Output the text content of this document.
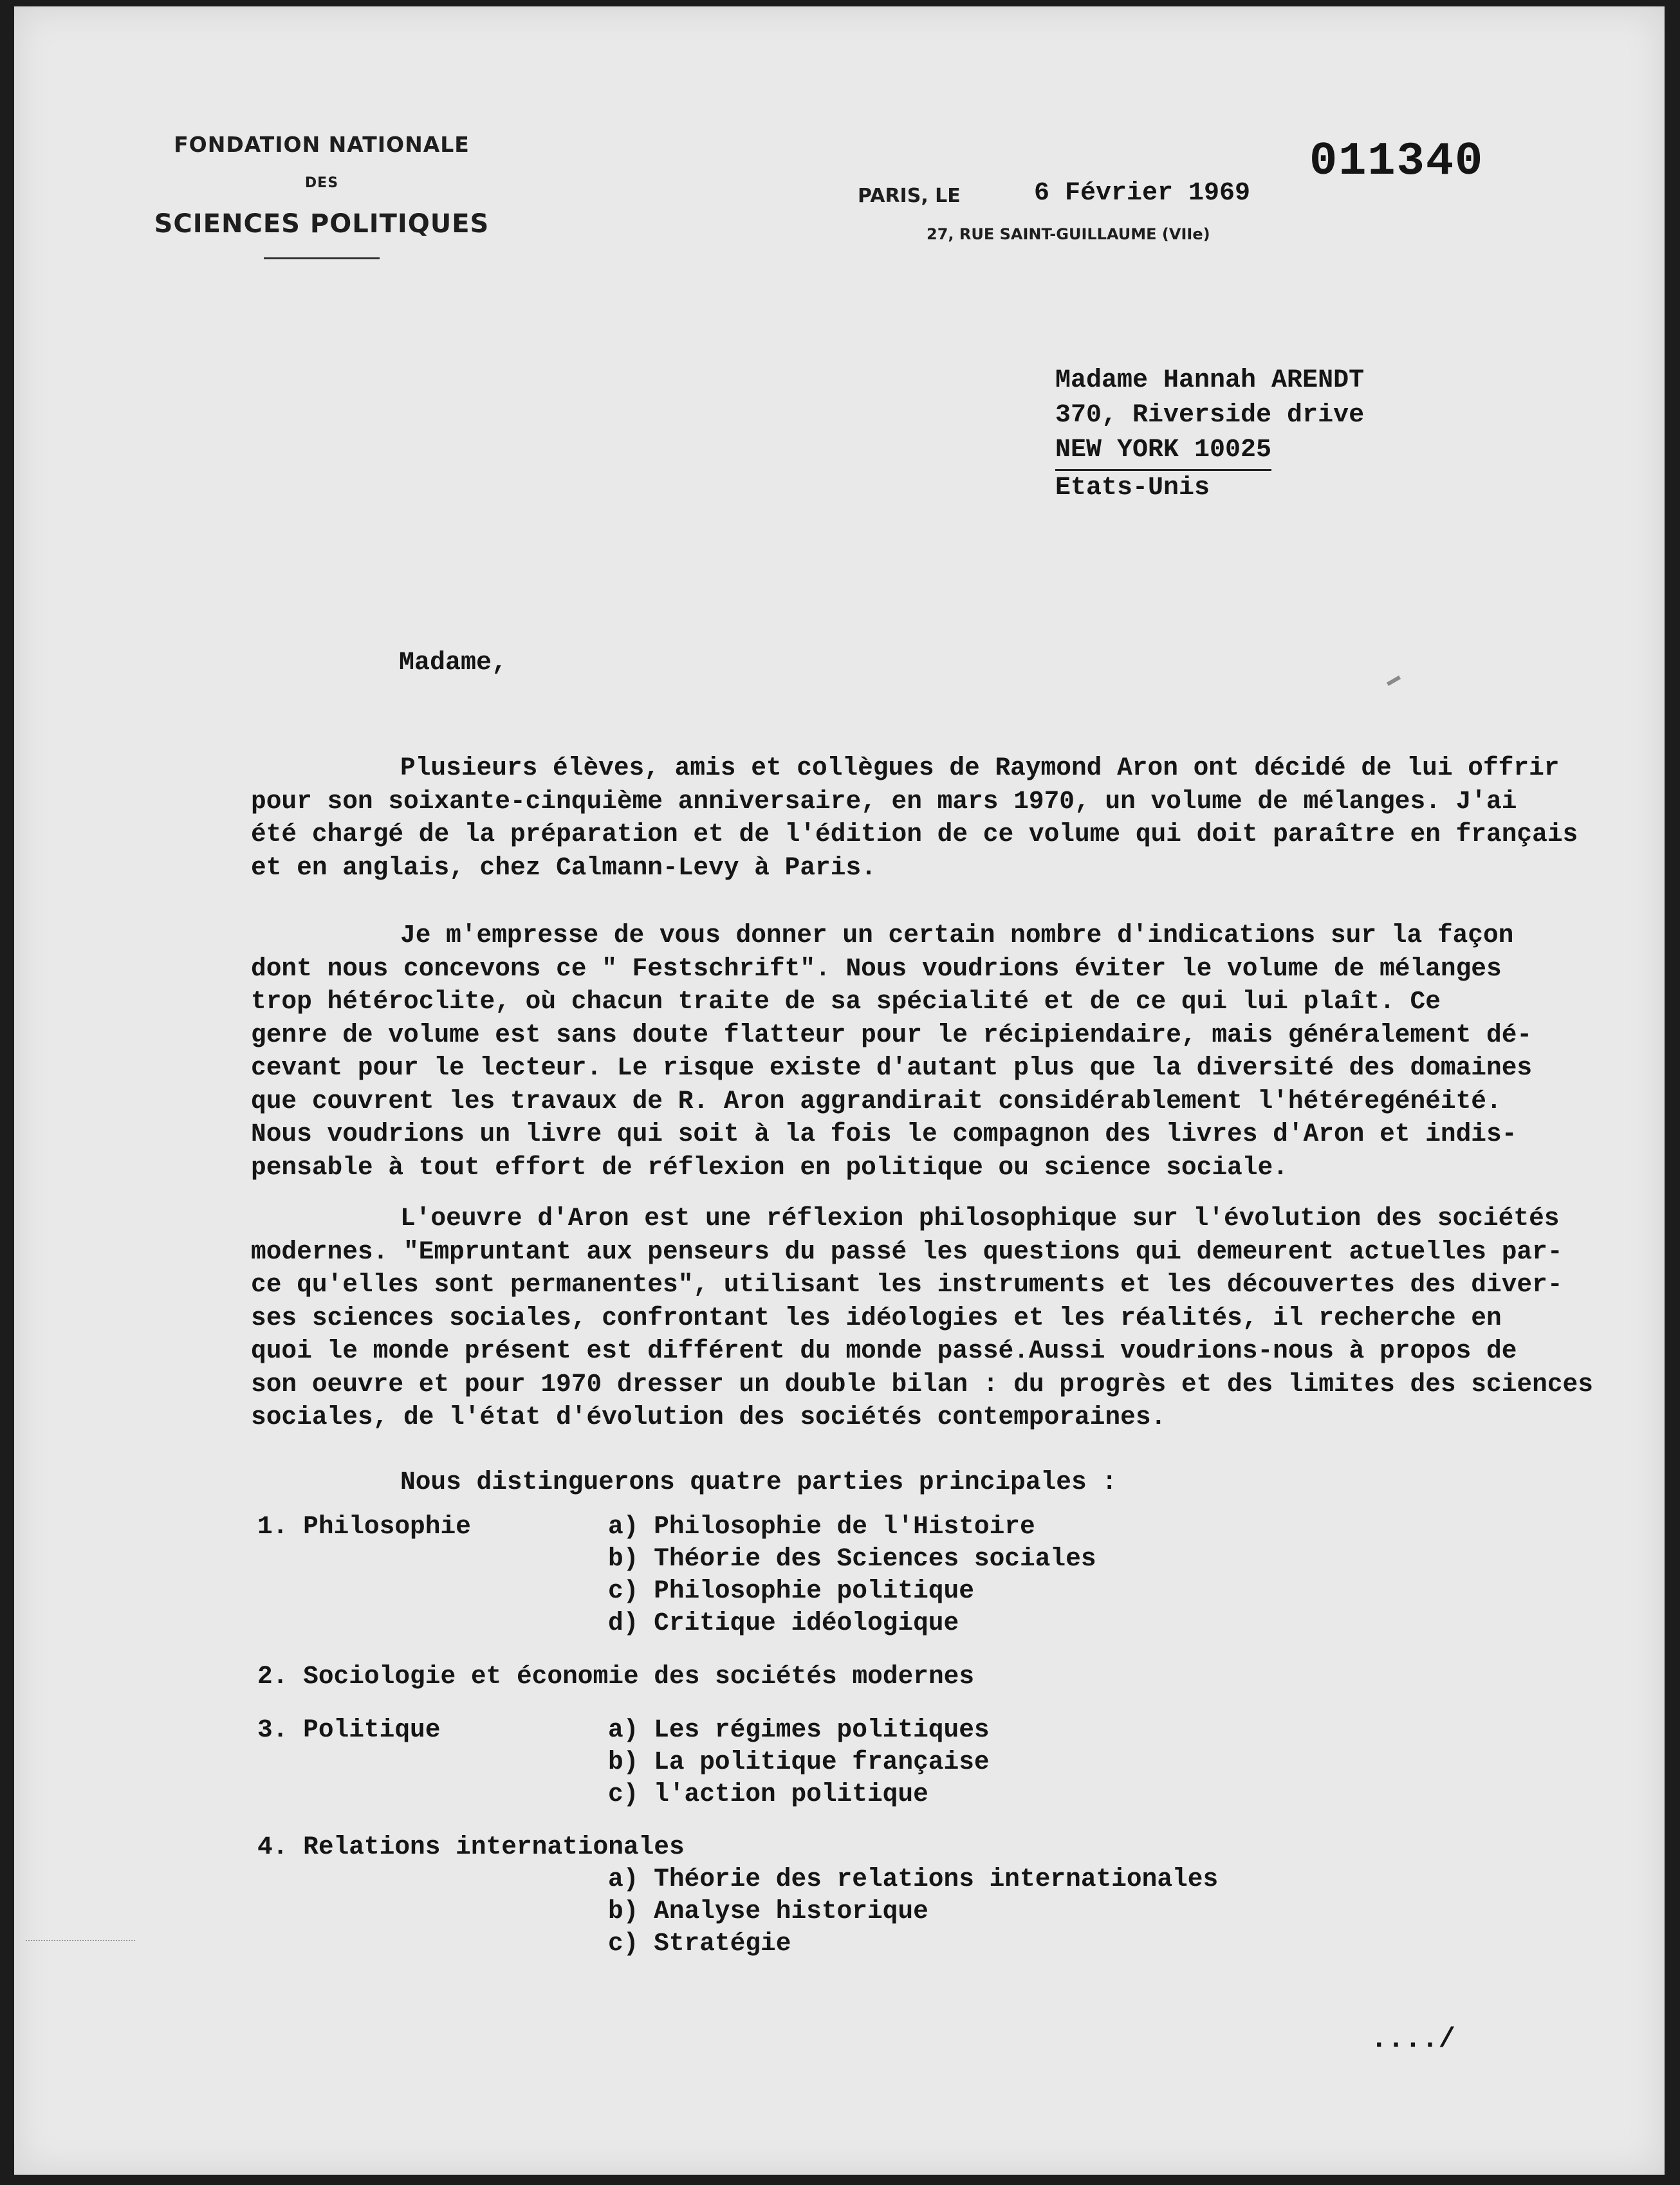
FONDATION NATIONALE
DES
SCIENCES POLITIQUES
011340
PARIS, LE	6 Février 1969
27, RUE SAINT-GUILLAUME (VIIe)
Madame Hannah ARENDT
370, Riverside drive
NEW YORK 10025
Etats-Unis
Madame,
Plusieurs élèves, amis et collègues de Raymond Aron ont décidé de lui offrir
pour son soixante-cinquième anniversaire, en mars 1970, un volume de mélanges. J'ai
été chargé de la préparation et de l'édition de ce volume qui doit paraître en français
et en anglais, chez Calmann-Levy à Paris.
Je m'empresse de vous donner un certain nombre d'indications sur la façon
dont nous concevons ce " Festschrift". Nous voudrions éviter le volume de mélanges
trop hétéroclite, où chacun traite de sa spécialité et de ce qui lui plaît. Ce
genre de volume est sans doute flatteur pour le récipiendaire, mais généralement dé-
cevant pour le lecteur. Le risque existe d'autant plus que la diversité des domaines
que couvrent les travaux de R. Aron aggrandirait considérablement l'hétéregénéité.
Nous voudrions un livre qui soit à la fois le compagnon des livres d'Aron et indis-
pensable à tout effort de réflexion en politique ou science sociale.
L'oeuvre d'Aron est une réflexion philosophique sur l'évolution des sociétés
modernes. "Empruntant aux penseurs du passé les questions qui demeurent actuelles par-
ce qu'elles sont permanentes", utilisant les instruments et les découvertes des diver-
ses sciences sociales, confrontant les idéologies et les réalités, il recherche en
quoi le monde présent est différent du monde passé.Aussi voudrions-nous à propos de
son oeuvre et pour 1970 dresser un double bilan : du progrès et des limites des sciences
sociales, de l'état d'évolution des sociétés contemporaines.
Nous distinguerons quatre parties principales :
1. Philosophie	a) Philosophie de l'Histoire
b) Théorie des Sciences sociales
c) Philosophie politique
d) Critique idéologique
2. Sociologie et économie des sociétés modernes
3. Politique	a) Les régimes politiques
b) La politique française
c) l'action politique
4. Relations internationales
a) Théorie des relations internationales
b) Analyse historique
c) Stratégie
..../
